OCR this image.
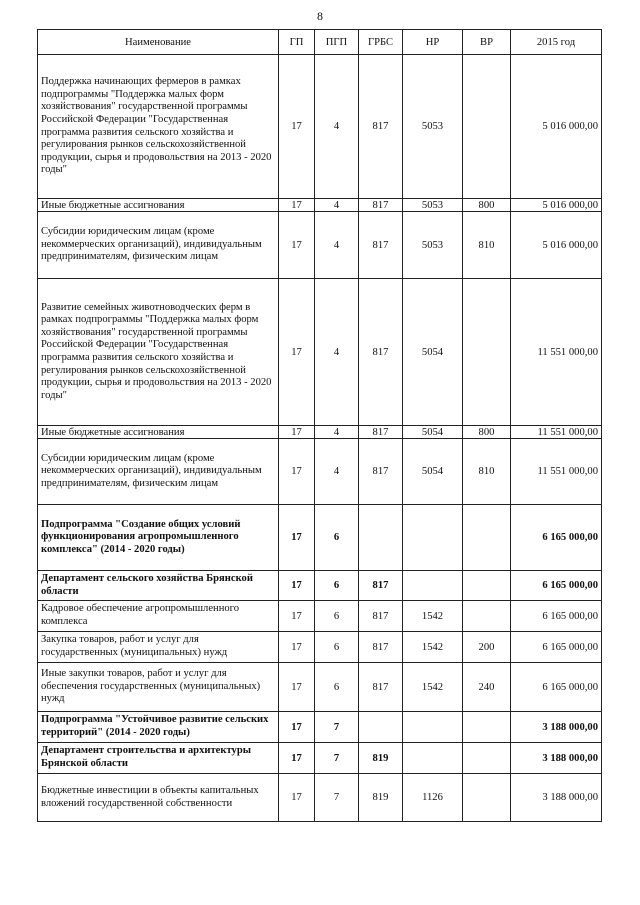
8
Наименование	ГП	ПГП	ГРБС	НР	ВР	2015 год
Поддержка начинающих фермеров в рамках подпрограммы "Поддержка малых форм хозяйствования" государственной программы Российской Федерации "Государственная программа развития сельского хозяйства и регулирования рынков сельскохозяйственной продукции, сырья и продовольствия на 2013 - 2020 годы"	17	4	817	5053		5 016 000,00
Иные бюджетные ассигнования	17	4	817	5053	800	5 016 000,00
Субсидии юридическим лицам (кроме некоммерческих организаций), индивидуальным предпринимателям, физическим лицам	17	4	817	5053	810	5 016 000,00
Развитие семейных животноводческих ферм в рамках подпрограммы "Поддержка малых форм хозяйствования" государственной программы Российской Федерации "Государственная программа развития сельского хозяйства и регулирования рынков сельскохозяйственной продукции, сырья и продовольствия на 2013 - 2020 годы"	17	4	817	5054		11 551 000,00
Иные бюджетные ассигнования	17	4	817	5054	800	11 551 000,00
Субсидии юридическим лицам (кроме некоммерческих организаций), индивидуальным предпринимателям, физическим лицам	17	4	817	5054	810	11 551 000,00
Подпрограмма "Создание общих условий функционирования агропромышленного комплекса" (2014 - 2020 годы)	17	6				6 165 000,00
Департамент сельского хозяйства Брянской области	17	6	817			6 165 000,00
Кадровое обеспечение агропромышленного комплекса	17	6	817	1542		6 165 000,00
Закупка товаров, работ и услуг для государственных (муниципальных) нужд	17	6	817	1542	200	6 165 000,00
Иные закупки товаров, работ и услуг для обеспечения государственных (муниципальных) нужд	17	6	817	1542	240	6 165 000,00
Подпрограмма "Устойчивое развитие сельских территорий" (2014 - 2020 годы)	17	7				3 188 000,00
Департамент строительства и архитектуры Брянской области	17	7	819			3 188 000,00
Бюджетные инвестиции в объекты капитальных вложений государственной собственности	17	7	819	1126		3 188 000,00
